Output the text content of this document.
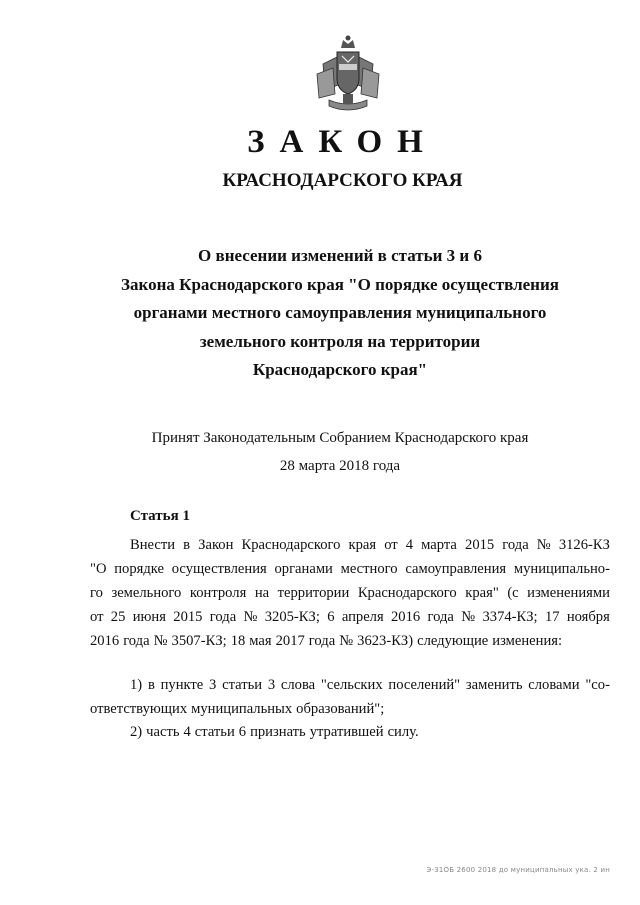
ЗАКОН
КРАСНОДАРСКОГО КРАЯ
О внесении изменений в статьи 3 и 6
Закона Краснодарского края "О порядке осуществления
органами местного самоуправления муниципального
земельного контроля на территории
Краснодарского края"
Принят Законодательным Собранием Краснодарского края
28 марта 2018 года
Статья 1
Внести в Закон Краснодарского края от 4 марта 2015 года № 3126-КЗ
"О порядке осуществления органами местного самоуправления муниципально-
го земельного контроля на территории Краснодарского края" (с изменениями
от 25 июня 2015 года № 3205-КЗ; 6 апреля 2016 года № 3374-КЗ; 17 ноября
2016 года № 3507-КЗ; 18 мая 2017 года № 3623-КЗ) следующие изменения:
1) в пункте 3 статьи 3 слова "сельских поселений" заменить словами "со-
ответствующих муниципальных образований";
2) часть 4 статьи 6 признать утратившей силу.
Э-31ОБ 2600 2018 до муниципальных ука. 2 ин
